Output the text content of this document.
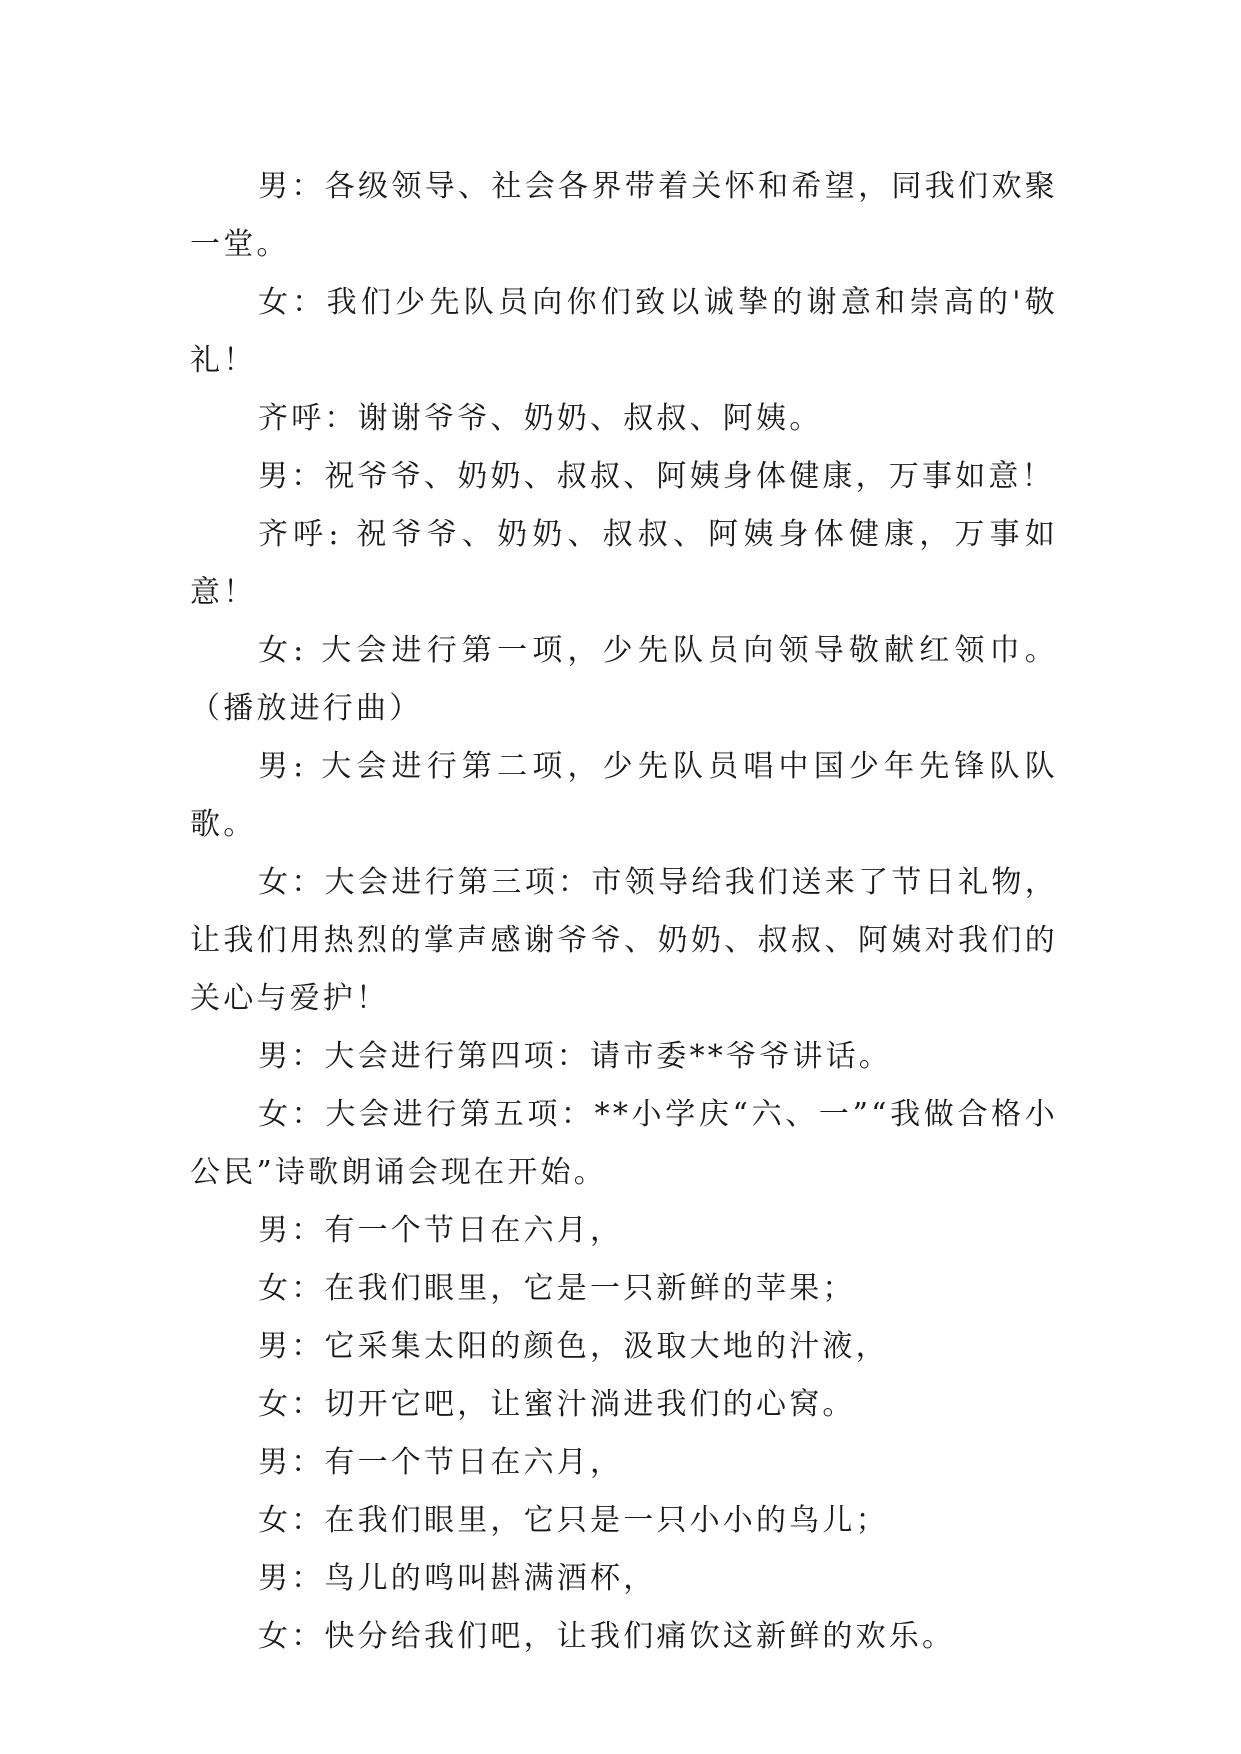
男：各级领导、社会各界带着关怀和希望，同我们欢聚一堂。

女：我们少先队员向你们致以诚挚的谢意和崇高的'敬礼！

齐呼：谢谢爷爷、奶奶、叔叔、阿姨。

男：祝爷爷、奶奶、叔叔、阿姨身体健康，万事如意！

齐呼: 祝爷爷、奶奶、叔叔、阿姨身体健康，万事如意！

女: 大会进行第一项，少先队员向领导敬献红领巾。（播放进行曲）

男: 大会进行第二项，少先队员唱中国少年先锋队队歌。

女：大会进行第三项：市领导给我们送来了节日礼物，让我们用热烈的掌声感谢爷爷、奶奶、叔叔、阿姨对我们的关心与爱护！

男：大会进行第四项：请市委**爷爷讲话。

女：大会进行第五项：**小学庆“六、一”“我做合格小公民”诗歌朗诵会现在开始。

男：有一个节日在六月，

女：在我们眼里，它是一只新鲜的苹果；

男：它采集太阳的颜色，汲取大地的汁液，

女：切开它吧，让蜜汁淌进我们的心窝。

男：有一个节日在六月，

女：在我们眼里，它只是一只小小的鸟儿；

男：鸟儿的鸣叫斟满酒杯，

女：快分给我们吧，让我们痛饮这新鲜的欢乐。
